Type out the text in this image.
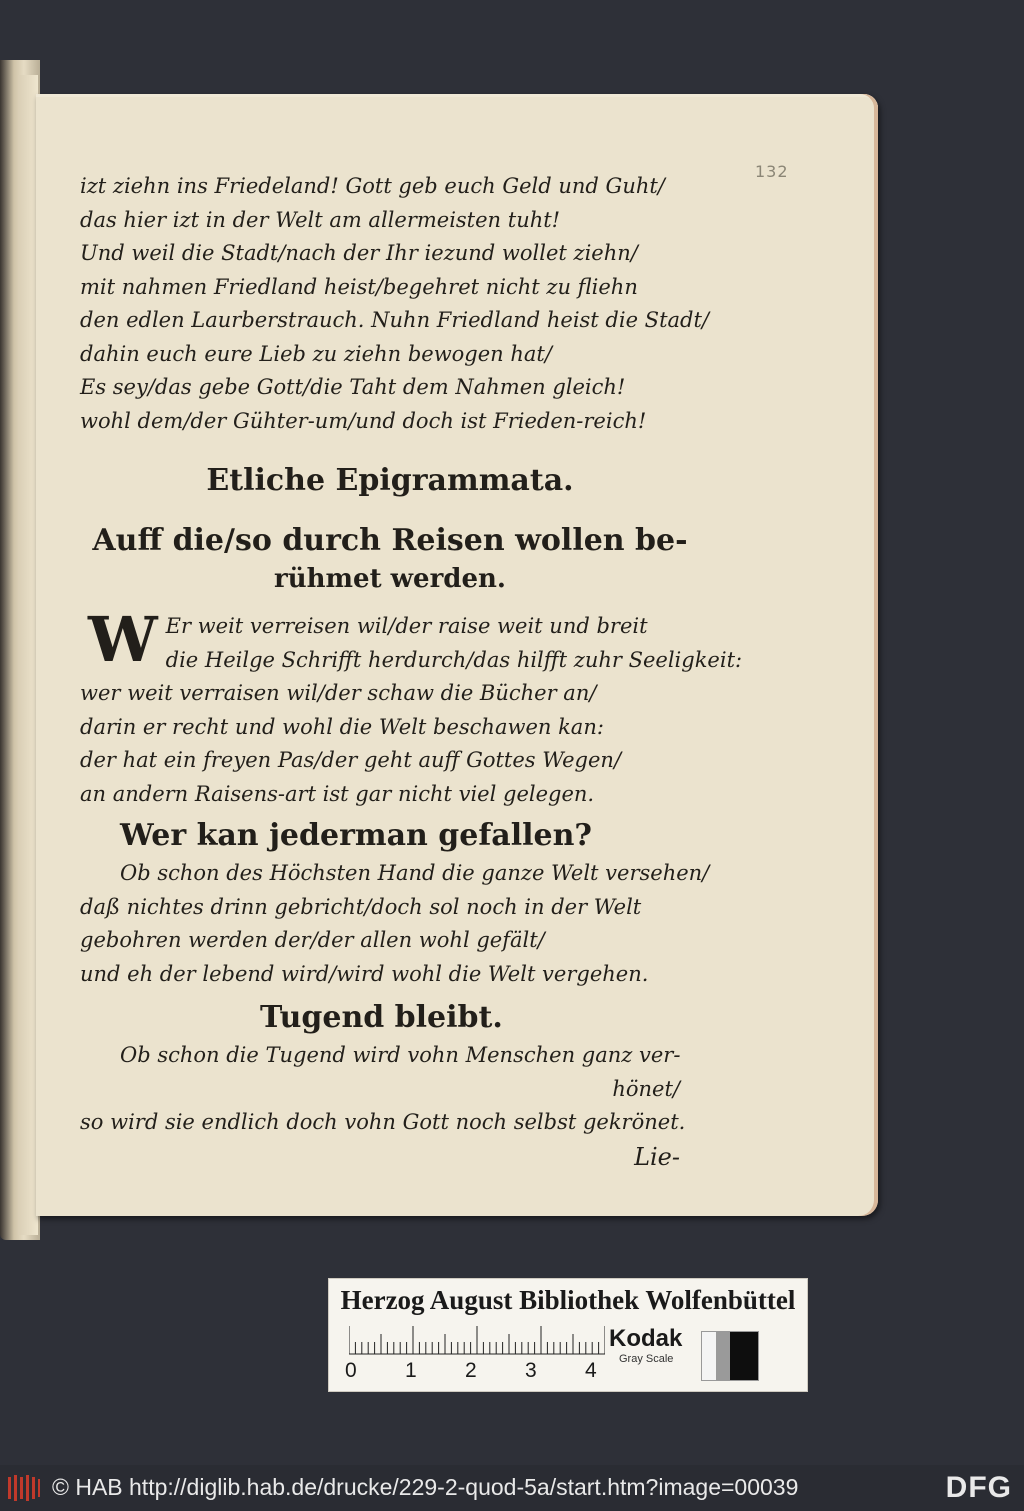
132
izt ziehn ins Friedeland! Gott geb euch Geld und Guht/
das hier izt in der Welt am allermeisten tuht!
Und weil die Stadt/nach der Ihr iezund wollet ziehn/
mit nahmen Friedland heist/begehret nicht zu fliehn
den edlen Laurberstrauch. Nuhn Friedland heist die Stadt/
dahin euch eure Lieb zu ziehn bewogen hat/
Es sey/das gebe Gott/die Taht dem Nahmen gleich!
wohl dem/der Gühter-um/und doch ist Frieden-reich!
Etliche Epigrammata.
Auff die/so durch Reisen wollen be-
rühmet werden.
W Er weit verreisen wil/der raise weit und breit
die Heilge Schrifft herdurch/das hilfft zuhr Seeligkeit:
wer weit verraisen wil/der schaw die Bücher an/
darin er recht und wohl die Welt beschawen kan:
der hat ein freyen Pas/der geht auff Gottes Wegen/
an andern Raisens-art ist gar nicht viel gelegen.
Wer kan jederman gefallen?
Ob schon des Höchsten Hand die ganze Welt versehen/
daß nichtes drinn gebricht/doch sol noch in der Welt
gebohren werden der/der allen wohl gefält/
und eh der lebend wird/wird wohl die Welt vergehen.
Tugend bleibt.
Ob schon die Tugend wird vohn Menschen ganz ver-
hönet/
so wird sie endlich doch vohn Gott noch selbst gekrönet.
Lie-
Herzog August Bibliothek Wolfenbüttel
0 1 2 3 4
Kodak
Gray Scale
© HAB http://diglib.hab.de/drucke/229-2-quod-5a/start.htm?image=00039	DFG
